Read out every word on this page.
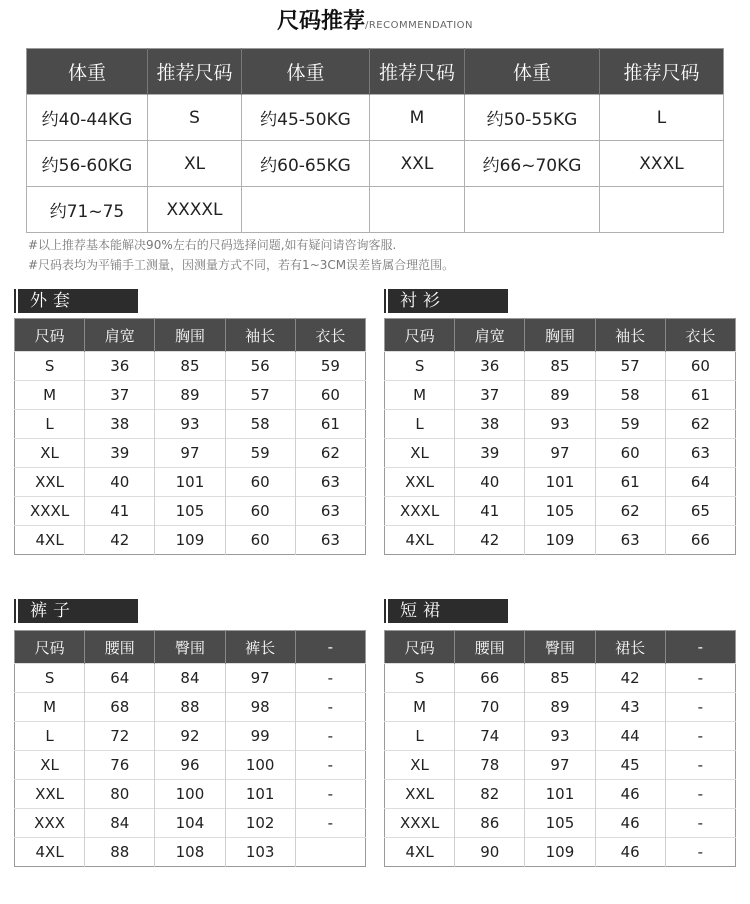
尺码推荐/RECOMMENDATION
体重	推荐尺码	体重	推荐尺码	体重	推荐尺码
约40-44KG	S	约45-50KG	M	约50-55KG	L
约56-60KG	XL	约60-65KG	XXL	约66~70KG	XXXL
约71~75	XXXXL				
#以上推荐基本能解决90%左右的尺码选择问题,如有疑问请咨询客服.
#尺码表均为平铺手工测量，因测量方式不同，若有1~3CM误差皆属合理范围。
外套
尺码	肩宽	胸围	袖长	衣长
S	36	85	56	59
M	37	89	57	60
L	38	93	58	61
XL	39	97	59	62
XXL	40	101	60	63
XXXL	41	105	60	63
4XL	42	109	60	63
衬衫
尺码	肩宽	胸围	袖长	衣长
S	36	85	57	60
M	37	89	58	61
L	38	93	59	62
XL	39	97	60	63
XXL	40	101	61	64
XXXL	41	105	62	65
4XL	42	109	63	66
裤子
尺码	腰围	臀围	裤长	-
S	64	84	97	-
M	68	88	98	-
L	72	92	99	-
XL	76	96	100	-
XXL	80	100	101	-
XXX	84	104	102	-
4XL	88	108	103	
短裙
尺码	腰围	臀围	裙长	-
S	66	85	42	-
M	70	89	43	-
L	74	93	44	-
XL	78	97	45	-
XXL	82	101	46	-
XXXL	86	105	46	-
4XL	90	109	46	-
